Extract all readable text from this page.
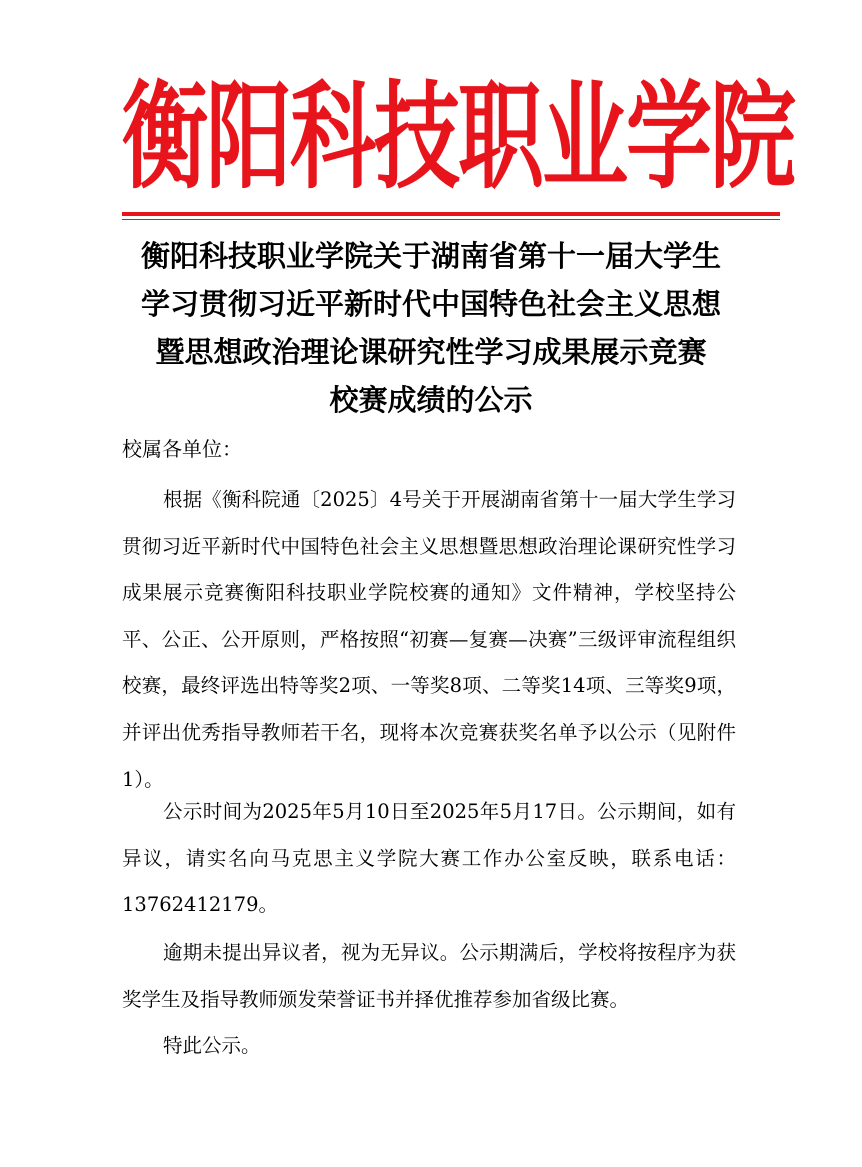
衡阳科技职业学院
衡阳科技职业学院关于湖南省第十一届大学生
学习贯彻习近平新时代中国特色社会主义思想
暨思想政治理论课研究性学习成果展示竞赛
校赛成绩的公示

校属各单位：

根据《衡科院通〔2025〕4号关于开展湖南省第十一届大学生学习贯彻习近平新时代中国特色社会主义思想暨思想政治理论课研究性学习成果展示竞赛衡阳科技职业学院校赛的通知》文件精神，学校坚持公平、公正、公开原则，严格按照“初赛—复赛—决赛”三级评审流程组织校赛，最终评选出特等奖2项、一等奖8项、二等奖14项、三等奖9项，并评出优秀指导教师若干名，现将本次竞赛获奖名单予以公示（见附件1）。

公示时间为2025年5月10日至2025年5月17日。公示期间，如有异议，请实名向马克思主义学院大赛工作办公室反映，联系电话：13762412179。

逾期未提出异议者，视为无异议。公示期满后，学校将按程序为获奖学生及指导教师颁发荣誉证书并择优推荐参加省级比赛。

特此公示。
